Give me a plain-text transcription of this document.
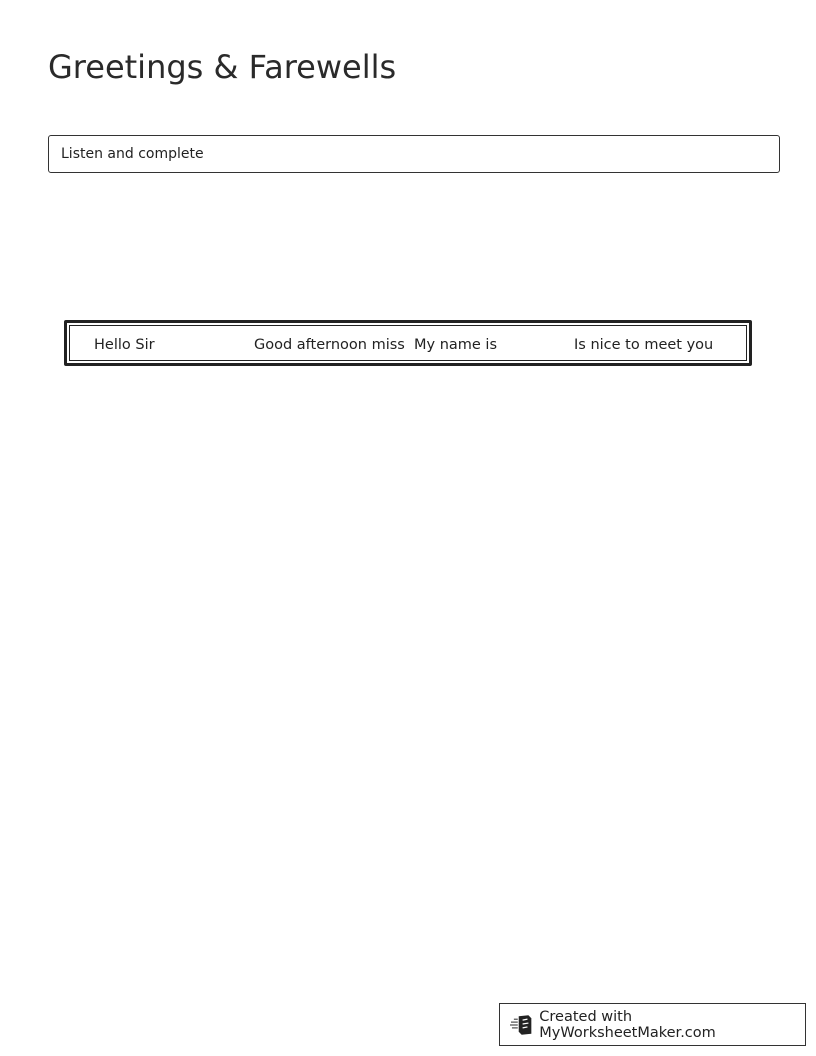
Greetings & Farewells
Listen and complete
Hello Sir	Good afternoon miss My name is	Is nice to meet you
Created with MyWorksheetMaker.com
